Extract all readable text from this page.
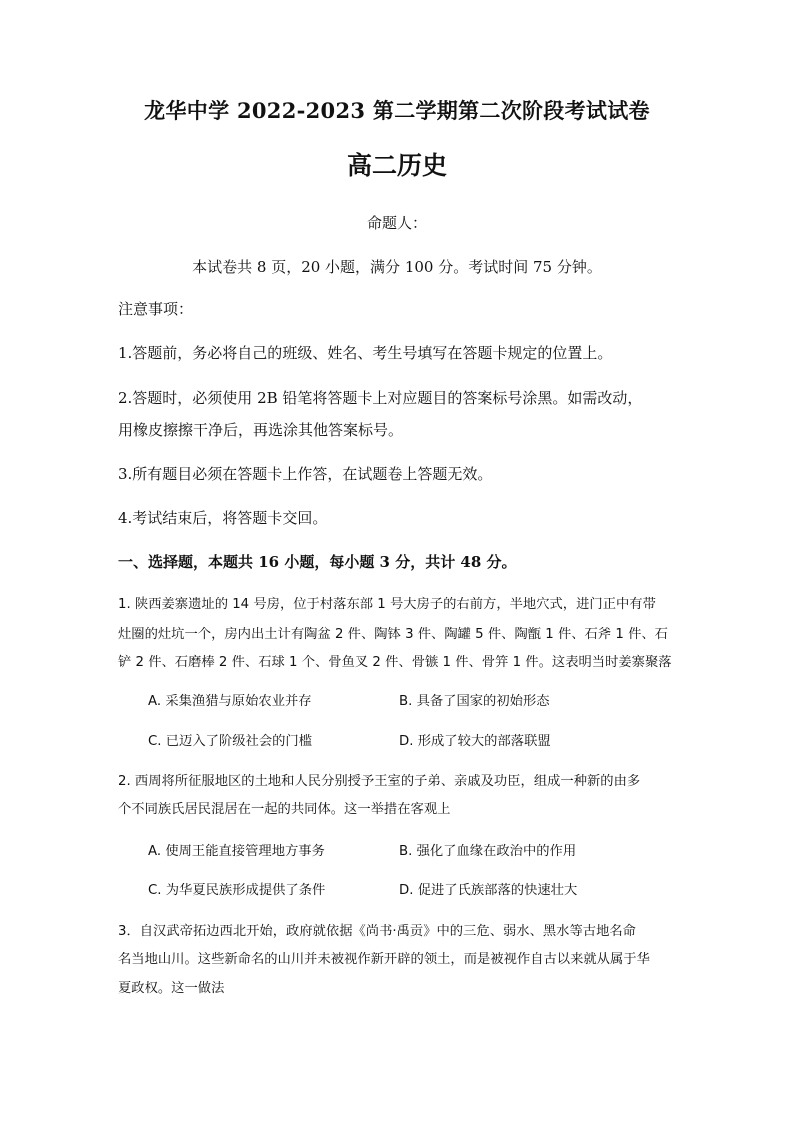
龙华中学 2022-2023 第二学期第二次阶段考试试卷
高二历史
命题人：
本试卷共 8 页，20 小题，满分 100 分。考试时间 75 分钟。
注意事项：
1.答题前，务必将自己的班级、姓名、考生号填写在答题卡规定的位置上。
2.答题时，必须使用 2B 铅笔将答题卡上对应题目的答案标号涂黑。如需改动，
用橡皮擦擦干净后，再选涂其他答案标号。
3.所有题目必须在答题卡上作答，在试题卷上答题无效。
4.考试结束后，将答题卡交回。
一、选择题，本题共 16 小题，每小题 3 分，共计 48 分。
1. 陕西姜寨遗址的 14 号房，位于村落东部 1 号大房子的右前方，半地穴式，进门正中有带
灶圈的灶坑一个，房内出土计有陶盆 2 件、陶钵 3 件、陶罐 5 件、陶甑 1 件、石斧 1 件、石
铲 2 件、石磨棒 2 件、石球 1 个、骨鱼叉 2 件、骨镞 1 件、骨笄 1 件。这表明当时姜寨聚落
A. 采集渔猎与原始农业并存	B. 具备了国家的初始形态
C. 已迈入了阶级社会的门槛	D. 形成了较大的部落联盟
2. 西周将所征服地区的土地和人民分别授予王室的子弟、亲戚及功臣，组成一种新的由多
个不同族氏居民混居在一起的共同体。这一举措在客观上
A. 使周王能直接管理地方事务	B. 强化了血缘在政治中的作用
C. 为华夏民族形成提供了条件	D. 促进了氏族部落的快速壮大
3．自汉武帝拓边西北开始，政府就依据《尚书·禹贡》中的三危、弱水、黑水等古地名命
名当地山川。这些新命名的山川并未被视作新开辟的领土，而是被视作自古以来就从属于华
夏政权。这一做法
